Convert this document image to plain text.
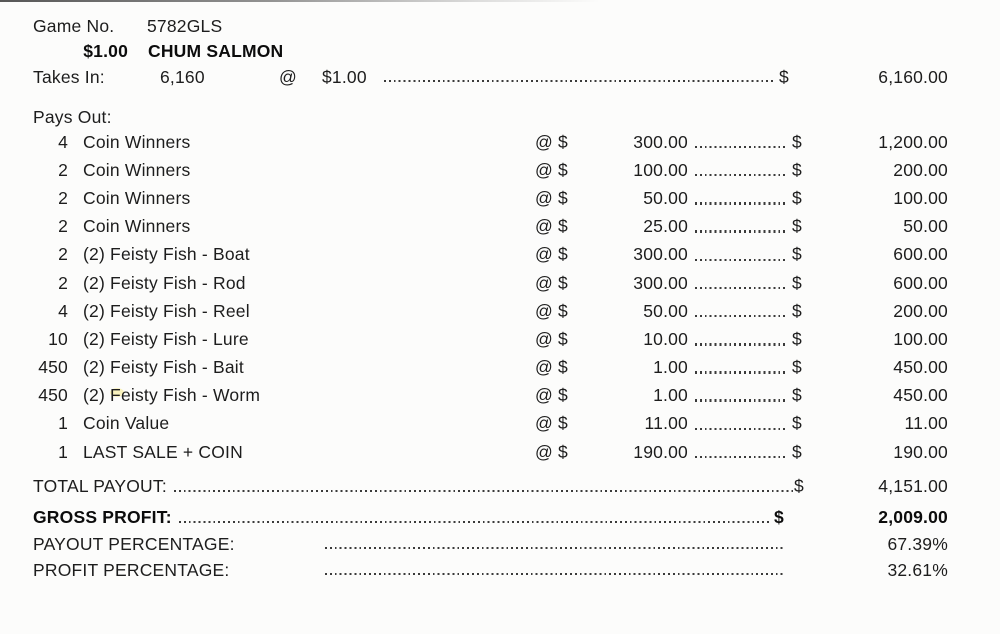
Game No.	5782GLS
$1.00 CHUM SALMON
Takes In:	6,160	@ $1.00	$	6,160.00
Pays Out:
4 Coin Winners	@ $	300.00	$	1,200.00
2 Coin Winners	@ $	100.00	$	200.00
2 Coin Winners	@ $	50.00	$	100.00
2 Coin Winners	@ $	25.00	$	50.00
2 (2) Feisty Fish - Boat	@ $	300.00	$	600.00
2 (2) Feisty Fish - Rod	@ $	300.00	$	600.00
4 (2) Feisty Fish - Reel	@ $	50.00	$	200.00
10 (2) Feisty Fish - Lure	@ $	10.00	$	100.00
450 (2) Feisty Fish - Bait	@ $	1.00	$	450.00
450 (2) Feisty Fish - Worm	@ $	1.00	$	450.00
1 Coin Value	@ $	11.00	$	11.00
1 LAST SALE + COIN	@ $	190.00	$	190.00
TOTAL PAYOUT:	$	4,151.00
GROSS PROFIT:	$	2,009.00
PAYOUT PERCENTAGE:	67.39%
PROFIT PERCENTAGE:	32.61%
